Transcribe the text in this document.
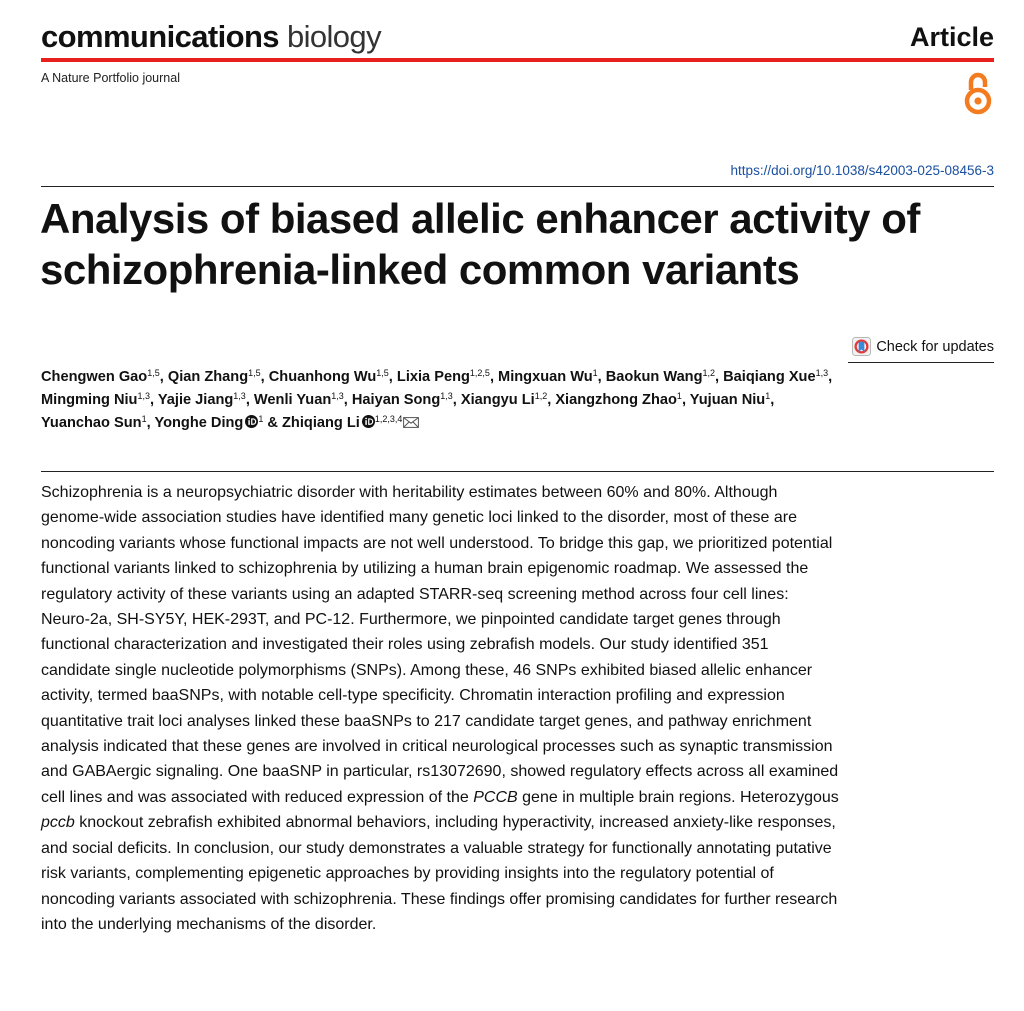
communications biology	Article
A Nature Portfolio journal
https://doi.org/10.1038/s42003-025-08456-3
Analysis of biased allelic enhancer activity of schizophrenia-linked common variants
Check for updates

Chengwen Gao$^{1,5}$, Qian Zhang$^{1,5}$, Chuanhong Wu$^{1,5}$, Lixia Peng$^{1,2,5}$, Mingxuan Wu$^1$, Baokun Wang$^{1,2}$, Baiqiang Xue$^{1,3}$, Mingming Niu$^{1,3}$, Yajie Jiang$^{1,3}$, Wenli Yuan$^{1,3}$, Haiyan Song$^{1,3}$, Xiangyu Li$^{1,2}$, Xiangzhong Zhao$^1$, Yujuan Niu$^1$, Yuanchao Sun$^1$, Yonghe Ding $^1$ & Zhiqiang Li $^{1,2,3,4}$

Schizophrenia is a neuropsychiatric disorder with heritability estimates between 60% and 80%. Although genome-wide association studies have identified many genetic loci linked to the disorder, most of these are noncoding variants whose functional impacts are not well understood. To bridge this gap, we prioritized potential functional variants linked to schizophrenia by utilizing a human brain epigenomic roadmap. We assessed the regulatory activity of these variants using an adapted STARR-seq screening method across four cell lines: Neuro-2a, SH-SY5Y, HEK-293T, and PC-12. Furthermore, we pinpointed candidate target genes through functional characterization and investigated their roles using zebrafish models. Our study identified 351 candidate single nucleotide polymorphisms (SNPs). Among these, 46 SNPs exhibited biased allelic enhancer activity, termed baaSNPs, with notable cell-type specificity. Chromatin interaction profiling and expression quantitative trait loci analyses linked these baaSNPs to 217 candidate target genes, and pathway enrichment analysis indicated that these genes are involved in critical neurological processes such as synaptic transmission and GABAergic signaling. One baaSNP in particular, rs13072690, showed regulatory effects across all examined cell lines and was associated with reduced expression of the PCCB gene in multiple brain regions. Heterozygous pccb knockout zebrafish exhibited abnormal behaviors, including hyperactivity, increased anxiety-like responses, and social deficits. In conclusion, our study demonstrates a valuable strategy for functionally annotating putative risk variants, complementing epigenetic approaches by providing insights into the regulatory potential of noncoding variants associated with schizophrenia. These findings offer promising candidates for further research into the underlying mechanisms of the disorder.
